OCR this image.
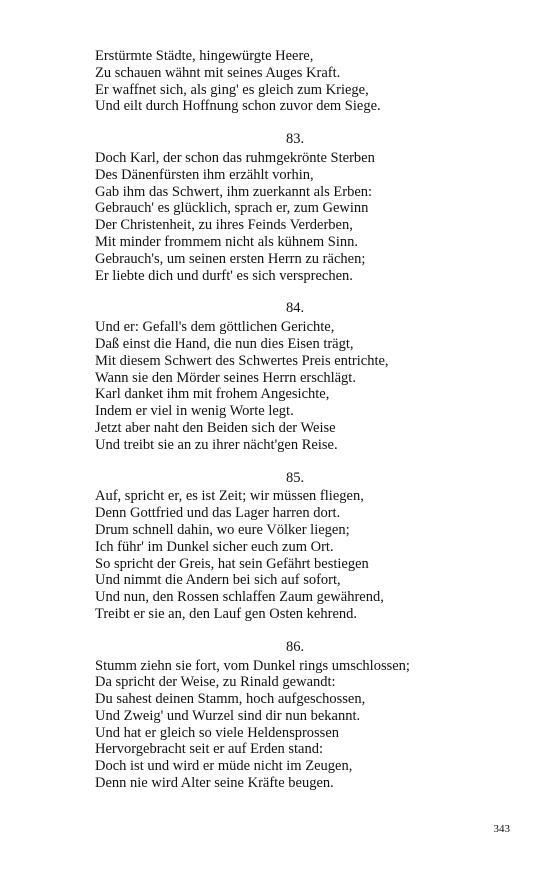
Erstürmte Städte, hingewürgte Heere,
Zu schauen wähnt mit seines Auges Kraft.
Er waffnet sich, als ging' es gleich zum Kriege,
Und eilt durch Hoffnung schon zuvor dem Siege.
83.
Doch Karl, der schon das ruhmgekrönte Sterben
Des Dänenfürsten ihm erzählt vorhin,
Gab ihm das Schwert, ihm zuerkannt als Erben:
Gebrauch' es glücklich, sprach er, zum Gewinn
Der Christenheit, zu ihres Feinds Verderben,
Mit minder frommem nicht als kühnem Sinn.
Gebrauch's, um seinen ersten Herrn zu rächen;
Er liebte dich und durft' es sich versprechen.
84.
Und er: Gefall's dem göttlichen Gerichte,
Daß einst die Hand, die nun dies Eisen trägt,
Mit diesem Schwert des Schwertes Preis entrichte,
Wann sie den Mörder seines Herrn erschlägt.
Karl danket ihm mit frohem Angesichte,
Indem er viel in wenig Worte legt.
Jetzt aber naht den Beiden sich der Weise
Und treibt sie an zu ihrer nächt'gen Reise.
85.
Auf, spricht er, es ist Zeit; wir müssen fliegen,
Denn Gottfried und das Lager harren dort.
Drum schnell dahin, wo eure Völker liegen;
Ich führ' im Dunkel sicher euch zum Ort.
So spricht der Greis, hat sein Gefährt bestiegen
Und nimmt die Andern bei sich auf sofort,
Und nun, den Rossen schlaffen Zaum gewährend,
Treibt er sie an, den Lauf gen Osten kehrend.
86.
Stumm ziehn sie fort, vom Dunkel rings umschlossen;
Da spricht der Weise, zu Rinald gewandt:
Du sahest deinen Stamm, hoch aufgeschossen,
Und Zweig' und Wurzel sind dir nun bekannt.
Und hat er gleich so viele Heldensprossen
Hervorgebracht seit er auf Erden stand:
Doch ist und wird er müde nicht im Zeugen,
Denn nie wird Alter seine Kräfte beugen.
343
